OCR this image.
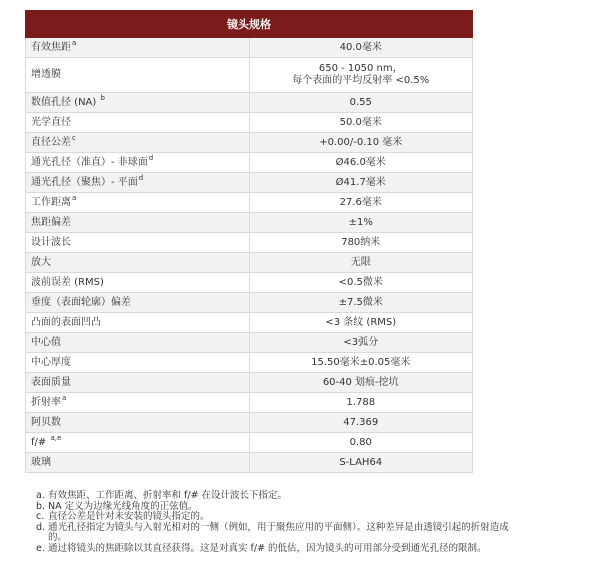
镜头规格	
有效焦距$^a$	40.0毫米

增透膜	650 - 1050 nm，
每个表面的平均反射率 <0.5%

数值孔径 (NA) $^b$	0.55

光学直径	50.0毫米

直径公差$^c$	+0.00/-0.10 毫米

通光孔径（准直）- 非球面$^d$	Ø46.0毫米

通光孔径（聚焦）- 平面$^d$	Ø41.7毫米

工作距离$^a$	27.6毫米

焦距偏差	±1%

设计波长	780纳米

放大	无限

波前误差 (RMS)	<0.5微米

垂度（表面轮廓）偏差	±7.5微米

凸面的表面凹凸	<3 条纹 (RMS)

中心值	<3弧分

中心厚度	15.50毫米±0.05毫米

表面质量	60-40 划痕-挖坑

折射率$^a$	1.788

阿贝数	47.369

f/# $^{a,e}$	0.80

玻璃	S-LAH64
a. 有效焦距、工作距离、折射率和 f/# 在设计波长下指定。
b. NA 定义为边缘光线角度的正弦值。
c. 直径公差是针对未安装的镜头指定的。
d. 通光孔径指定为镜头与入射光相对的一侧（例如，用于聚焦应用的平面侧）。这种差异是由透镜引起的折射造成
的。
e. 通过将镜头的焦距除以其直径获得。这是对真实 f/# 的低估，因为镜头的可用部分受到通光孔径的限制。
